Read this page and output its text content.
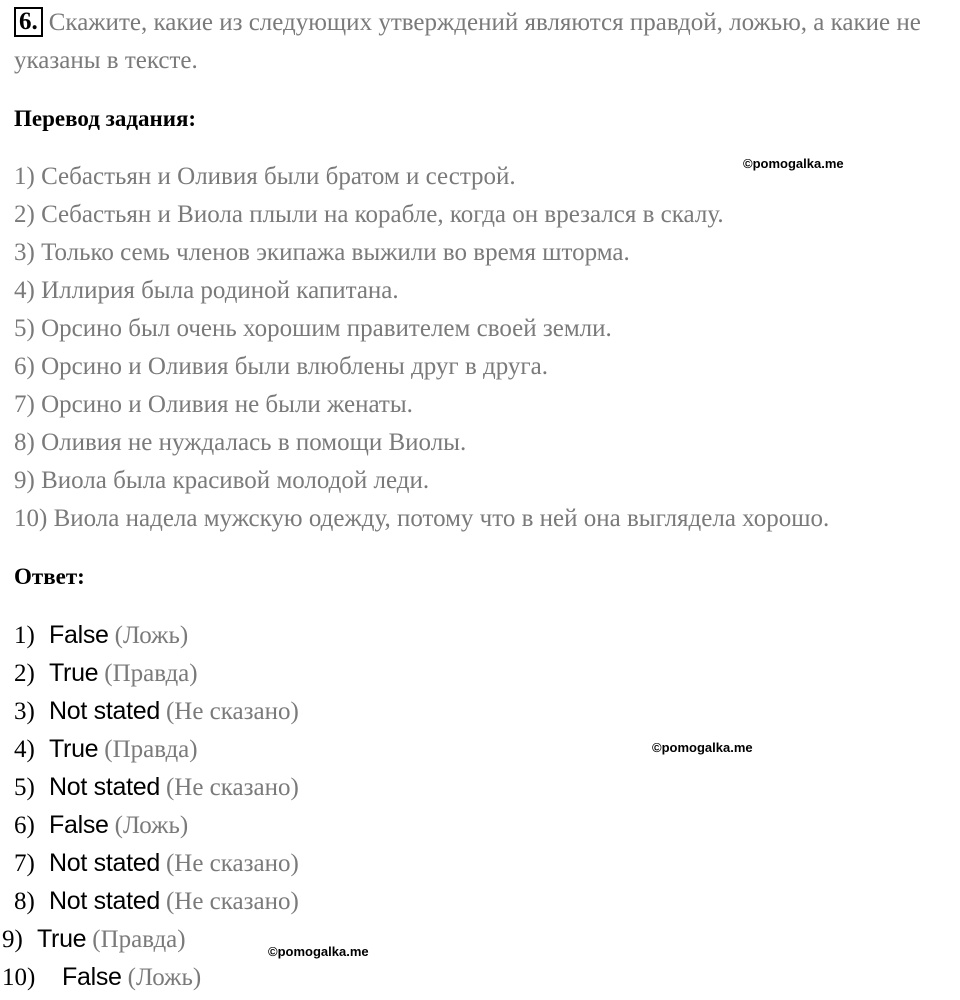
6. Скажите, какие из следующих утверждений являются правдой, ложью, а какие не указаны в тексте.
Перевод задания:
1) Себастьян и Оливия были братом и сестрой.
2) Себастьян и Виола плыли на корабле, когда он врезался в скалу.
3) Только семь членов экипажа выжили во время шторма.
4) Иллирия была родиной капитана.
5) Орсино был очень хорошим правителем своей земли.
6) Орсино и Оливия были влюблены друг в друга.
7) Орсино и Оливия не были женаты.
8) Оливия не нуждалась в помощи Виолы.
9) Виола была красивой молодой леди.
10) Виола надела мужскую одежду, потому что в ней она выглядела хорошо.
Ответ:
1) False (Ложь)
2) True (Правда)
3) Not stated (Не сказано)
4) True (Правда)
5) Not stated (Не сказано)
6) False (Ложь)
7) Not stated (Не сказано)
8) Not stated (Не сказано)
9) True (Правда)
10) False (Ложь)
©pomogalka.me
©pomogalka.me
©pomogalka.me
